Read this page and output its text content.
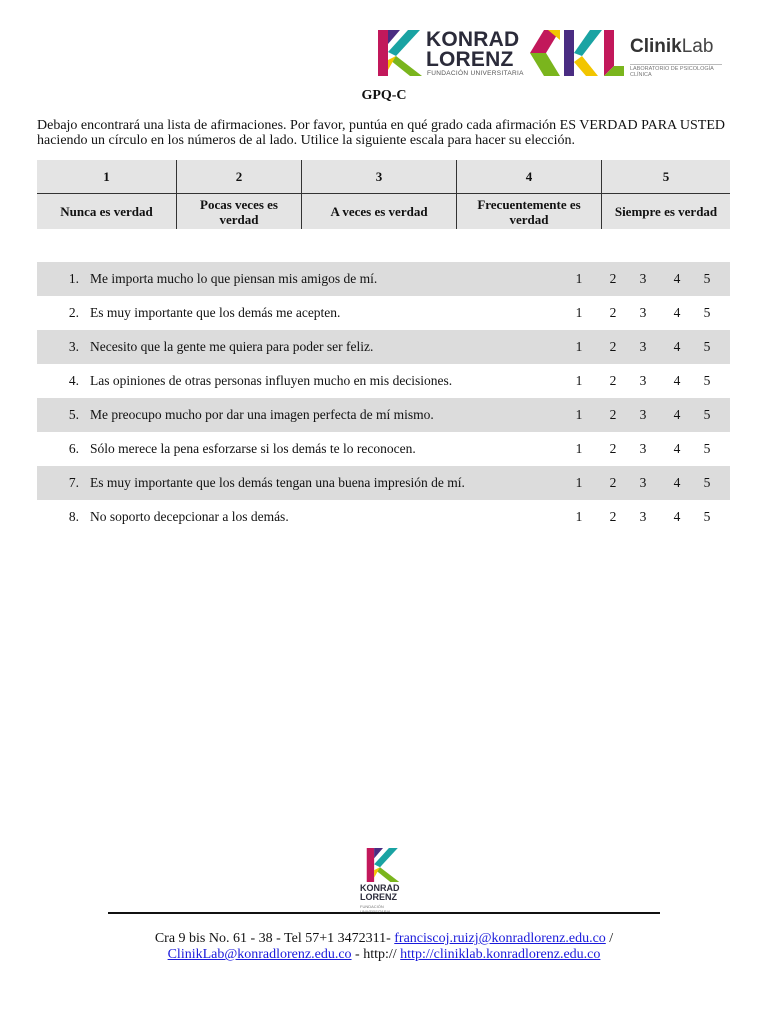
KONRAD
LORENZ
FUNDACIÓN UNIVERSITARIA
ClinikLab
LABORATORIO DE PSICOLOGÍA CLÍNICA
GPQ-C
Debajo encontrará una lista de afirmaciones. Por favor, puntúa en qué grado cada afirmación ES VERDAD PARA USTED haciendo un círculo en los números de al lado. Utilice la siguiente escala para hacer su elección.
1	2	3	4	5
Nunca es verdad	Pocas veces es verdad	A veces es verdad	Frecuentemente es verdad	Siempre es verdad
1. Me importa mucho lo que piensan mis amigos de mí.	1 2 3 4 5
2. Es muy importante que los demás me acepten.	1 2 3 4 5
3. Necesito que la gente me quiera para poder ser feliz.	1 2 3 4 5
4. Las opiniones de otras personas influyen mucho en mis decisiones.	1 2 3 4 5
5. Me preocupo mucho por dar una imagen perfecta de mí mismo.	1 2 3 4 5
6. Sólo merece la pena esforzarse si los demás te lo reconocen.	1 2 3 4 5
7. Es muy importante que los demás tengan una buena impresión de mí.	1 2 3 4 5
8. No soporto decepcionar a los demás.	1 2 3 4 5
KONRAD
LORENZ
FUNDACIÓN UNIVERSITARIA
Cra 9 bis No. 61 - 38 - Tel 57+1 3472311- franciscoj.ruizj@konradlorenz.edu.co /
ClinikLab@konradlorenz.edu.co - http:// http://cliniklab.konradlorenz.edu.co
